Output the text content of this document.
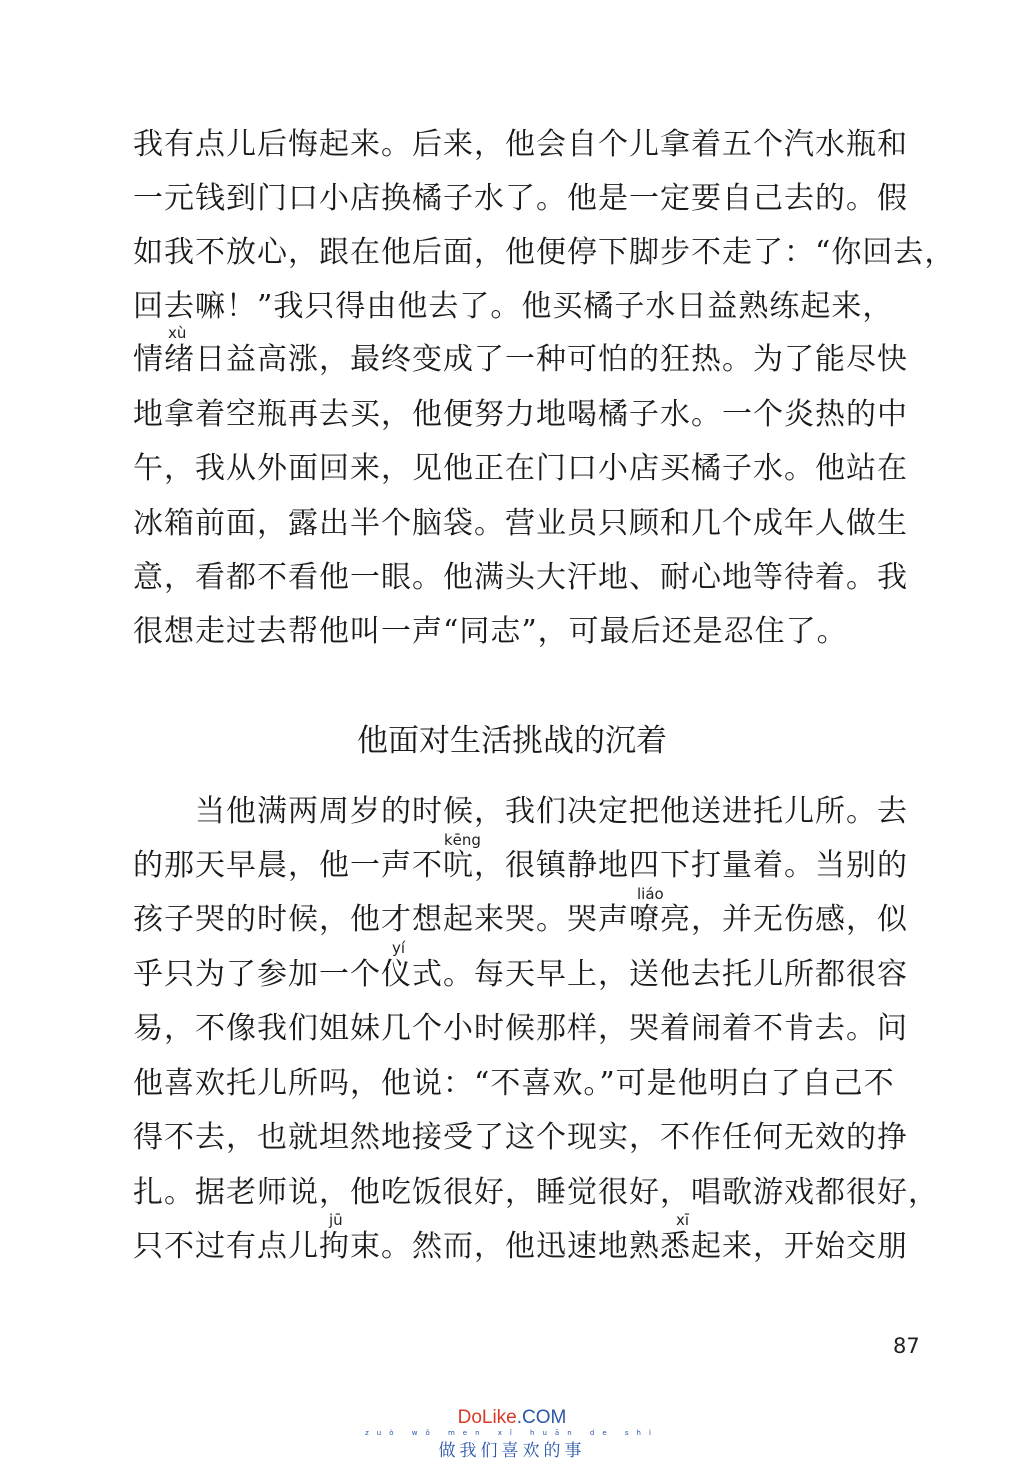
我有点儿后悔起来。后来，他会自个儿拿着五个汽水瓶和
一元钱到门口小店换橘子水了。他是一定要自己去的。假
如我不放心，跟在他后面，他便停下脚步不走了：“你回去，
回去嘛！”我只得由他去了。他买橘子水日益熟练起来，
xù
情绪日益高涨，最终变成了一种可怕的狂热。为了能尽快
地拿着空瓶再去买，他便努力地喝橘子水。一个炎热的中
午，我从外面回来，见他正在门口小店买橘子水。他站在
冰箱前面，露出半个脑袋。营业员只顾和几个成年人做生
意，看都不看他一眼。他满头大汗地、耐心地等待着。我
很想走过去帮他叫一声“同志”，可最后还是忍住了。
他面对生活挑战的沉着
　　当他满两周岁的时候，我们决定把他送进托儿所。去
kēng
的那天早晨，他一声不吭，很镇静地四下打量着。当别的
liáo
孩子哭的时候，他才想起来哭。哭声嘹亮，并无伤感，似
yí
乎只为了参加一个仪式。每天早上，送他去托儿所都很容
易，不像我们姐妹几个小时候那样，哭着闹着不肯去。问
他喜欢托儿所吗，他说：“不喜欢。”可是他明白了自己不
得不去，也就坦然地接受了这个现实，不作任何无效的挣
扎。据老师说，他吃饭很好，睡觉很好，唱歌游戏都很好，
jū	xī
只不过有点儿拘束。然而，他迅速地熟悉起来，开始交朋
87
DoLike.COM
zuò wǒ men xǐ huān de shì
做我们喜欢的事
